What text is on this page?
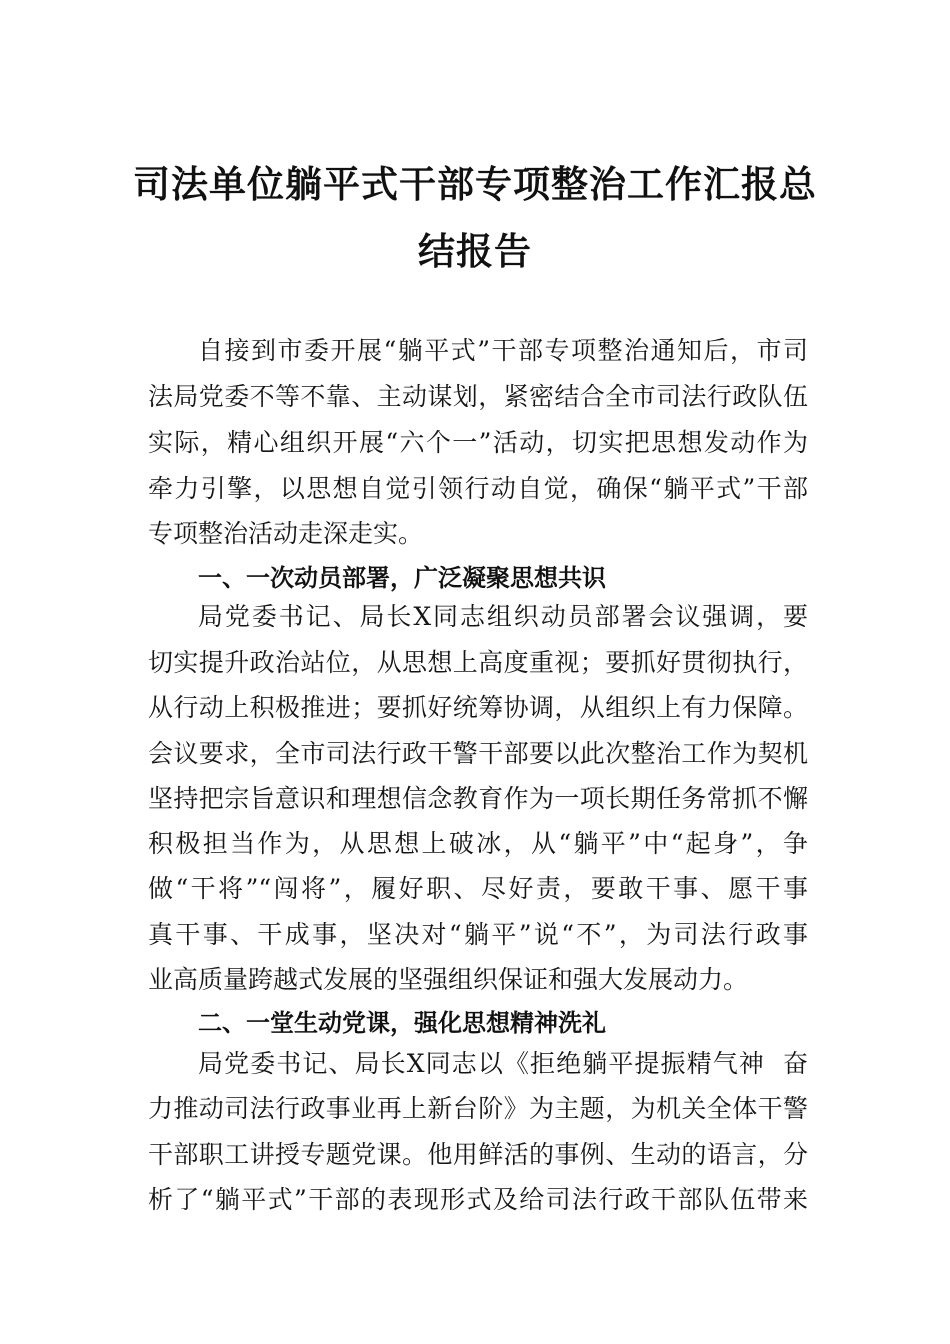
司法单位躺平式干部专项整治工作汇报总
结报告
自接到市委开展“躺平式”干部专项整治通知后，市司
法局党委不等不靠、主动谋划，紧密结合全市司法行政队伍
实际，精心组织开展“六个一”活动，切实把思想发动作为
牵力引擎，以思想自觉引领行动自觉，确保“躺平式”干部
专项整治活动走深走实。
一、一次动员部署，广泛凝聚思想共识
局党委书记、局长X同志组织动员部署会议强调，要
切实提升政治站位，从思想上高度重视；要抓好贯彻执行，
从行动上积极推进；要抓好统筹协调，从组织上有力保障。
会议要求，全市司法行政干警干部要以此次整治工作为契机
坚持把宗旨意识和理想信念教育作为一项长期任务常抓不懈
积极担当作为，从思想上破冰，从“躺平”中“起身”，争
做“干将”“闯将”，履好职、尽好责，要敢干事、愿干事
真干事、干成事，坚决对“躺平”说“不”，为司法行政事
业高质量跨越式发展的坚强组织保证和强大发展动力。
二、一堂生动党课，强化思想精神洗礼
局党委书记、局长X同志以《拒绝躺平提振精气神  奋
力推动司法行政事业再上新台阶》为主题，为机关全体干警
干部职工讲授专题党课。他用鲜活的事例、生动的语言，分
析了“躺平式”干部的表现形式及给司法行政干部队伍带来
